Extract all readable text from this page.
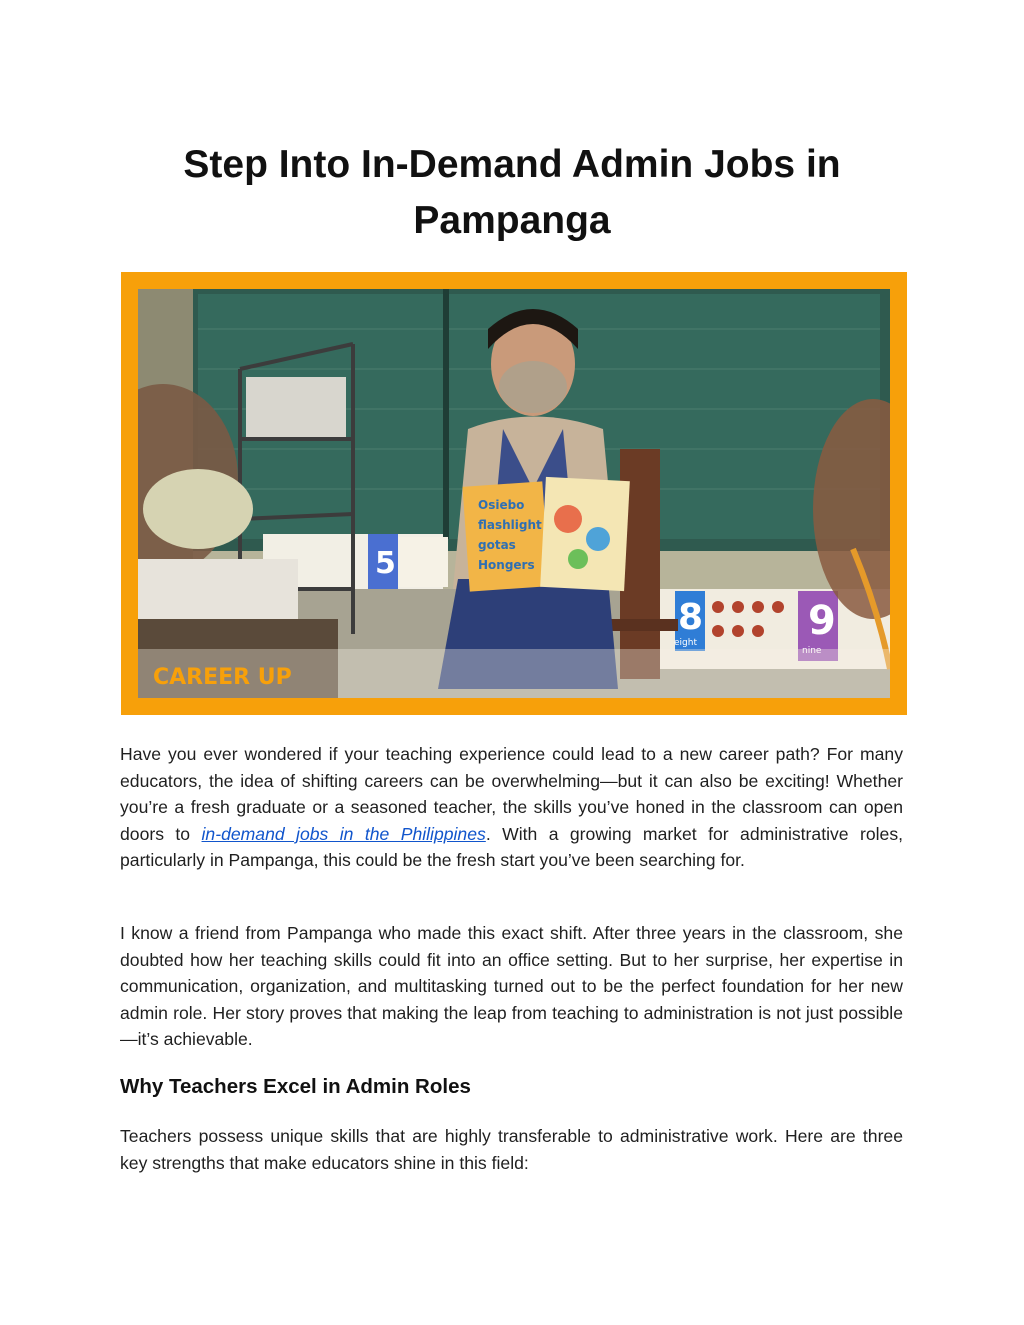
Step Into In-Demand Admin Jobs in Pampanga
5
8
eight	9
nine
Osiebo
flashlight
gotas
Hongers
CAREER UP

Have you ever wondered if your teaching experience could lead to a new career path? For many educators, the idea of shifting careers can be overwhelming—but it can also be exciting! Whether you’re a fresh graduate or a seasoned teacher, the skills you’ve honed in the classroom can open doors to in-demand jobs in the Philippines. With a growing market for administrative roles, particularly in Pampanga, this could be the fresh start you’ve been searching for.

I know a friend from Pampanga who made this exact shift. After three years in the classroom, she doubted how her teaching skills could fit into an office setting. But to her surprise, her expertise in communication, organization, and multitasking turned out to be the perfect foundation for her new admin role. Her story proves that making the leap from teaching to administration is not just possible—it’s achievable.

Why Teachers Excel in Admin Roles

Teachers possess unique skills that are highly transferable to administrative work. Here are three key strengths that make educators shine in this field:
